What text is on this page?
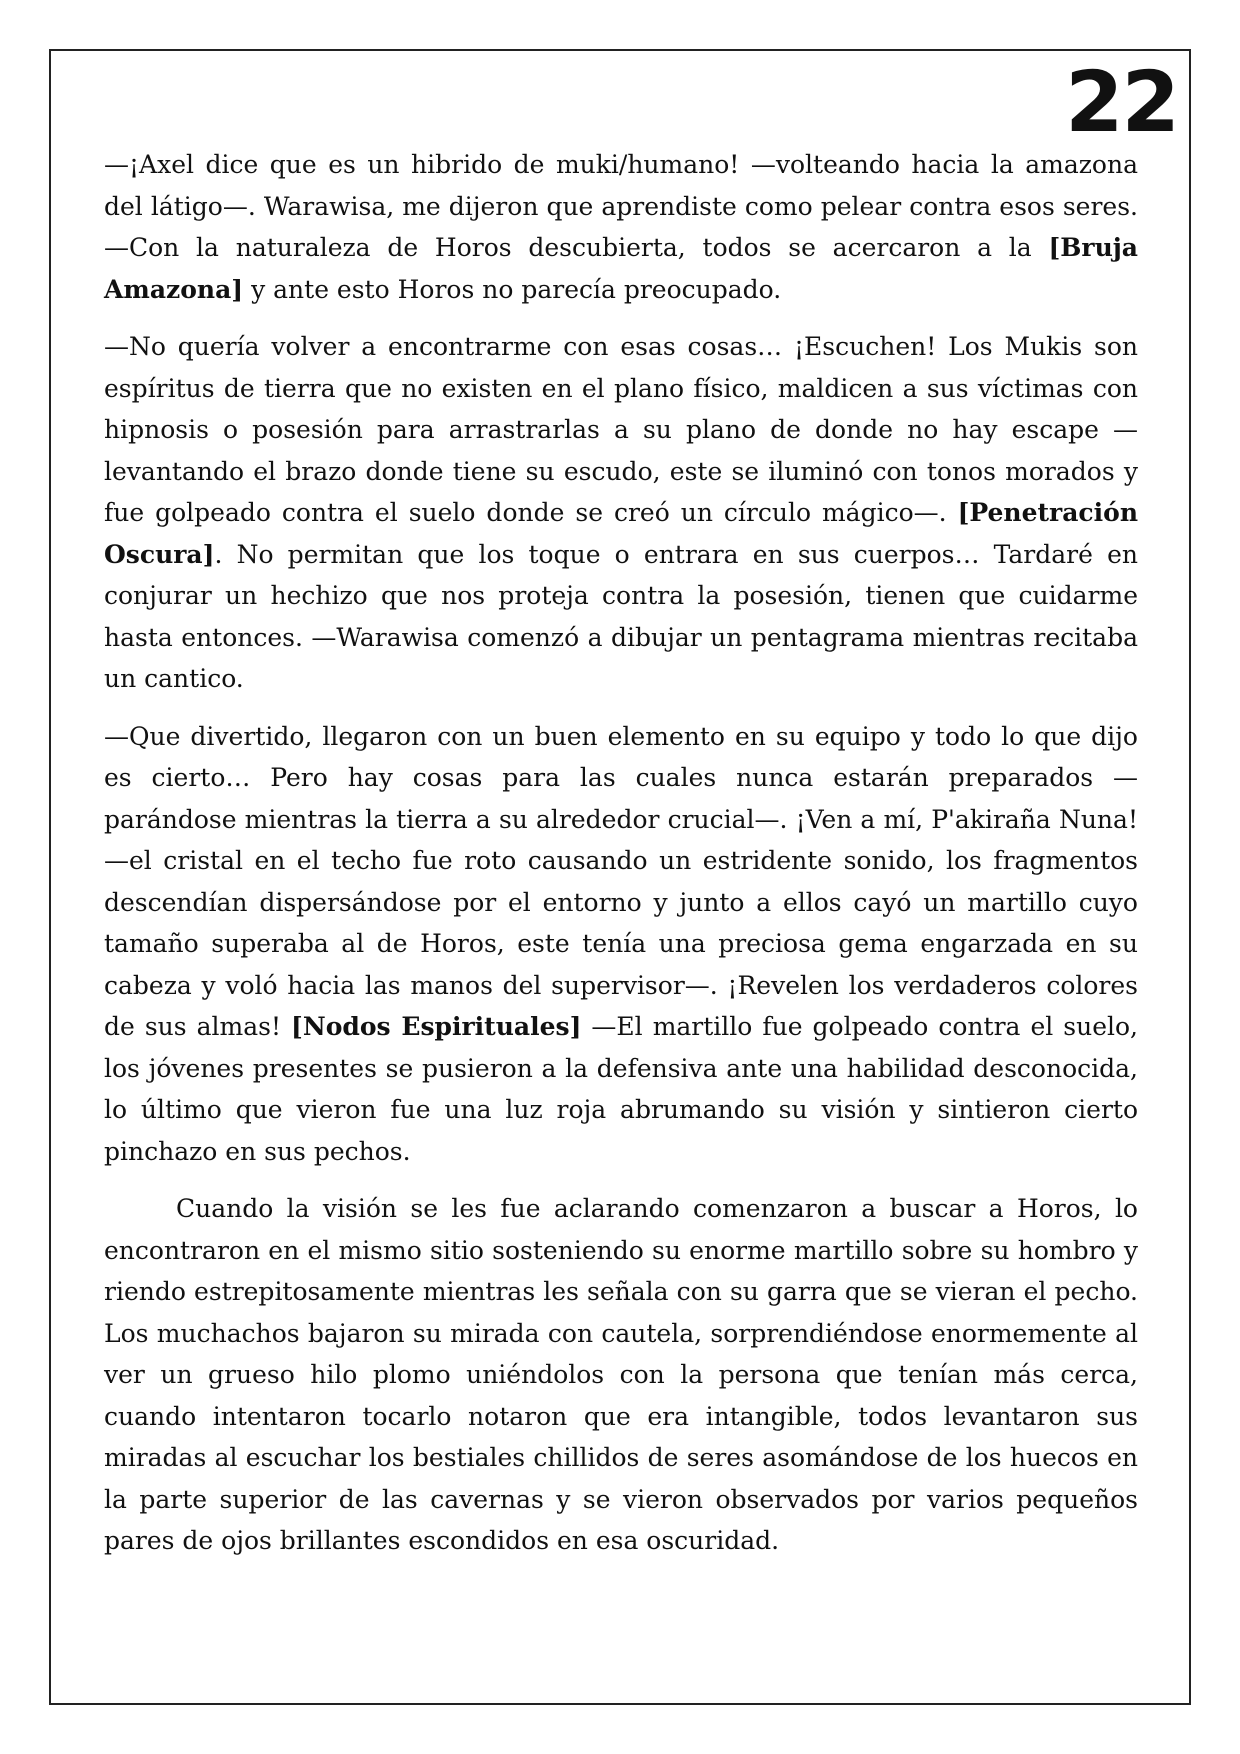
22

—¡Axel dice que es un hibrido de muki/humano! —volteando hacia la amazona del látigo—. Warawisa, me dijeron que aprendiste como pelear contra esos seres. —Con la naturaleza de Horos descubierta, todos se acercaron a la [Bruja Amazona] y ante esto Horos no parecía preocupado.

—No quería volver a encontrarme con esas cosas… ¡Escuchen! Los Mukis son espíritus de tierra que no existen en el plano físico, maldicen a sus víctimas con hipnosis o posesión para arrastrarlas a su plano de donde no hay escape —levantando el brazo donde tiene su escudo, este se iluminó con tonos morados y fue golpeado contra el suelo donde se creó un círculo mágico—. [Penetración Oscura]. No permitan que los toque o entrara en sus cuerpos… Tardaré en conjurar un hechizo que nos proteja contra la posesión, tienen que cuidarme hasta entonces. —Warawisa comenzó a dibujar un pentagrama mientras recitaba un cantico.

—Que divertido, llegaron con un buen elemento en su equipo y todo lo que dijo es cierto… Pero hay cosas para las cuales nunca estarán preparados —parándose mientras la tierra a su alrededor crucial—. ¡Ven a mí, P'akiraña Nuna! —el cristal en el techo fue roto causando un estridente sonido, los fragmentos descendían dispersándose por el entorno y junto a ellos cayó un martillo cuyo tamaño superaba al de Horos, este tenía una preciosa gema engarzada en su cabeza y voló hacia las manos del supervisor—. ¡Revelen los verdaderos colores de sus almas! [Nodos Espirituales] —El martillo fue golpeado contra el suelo, los jóvenes presentes se pusieron a la defensiva ante una habilidad desconocida, lo último que vieron fue una luz roja abrumando su visión y sintieron cierto pinchazo en sus pechos.

Cuando la visión se les fue aclarando comenzaron a buscar a Horos, lo encontraron en el mismo sitio sosteniendo su enorme martillo sobre su hombro y riendo estrepitosamente mientras les señala con su garra que se vieran el pecho. Los muchachos bajaron su mirada con cautela, sorprendiéndose enormemente al ver un grueso hilo plomo uniéndolos con la persona que tenían más cerca, cuando intentaron tocarlo notaron que era intangible, todos levantaron sus miradas al escuchar los bestiales chillidos de seres asomándose de los huecos en la parte superior de las cavernas y se vieron observados por varios pequeños pares de ojos brillantes escondidos en esa oscuridad.
